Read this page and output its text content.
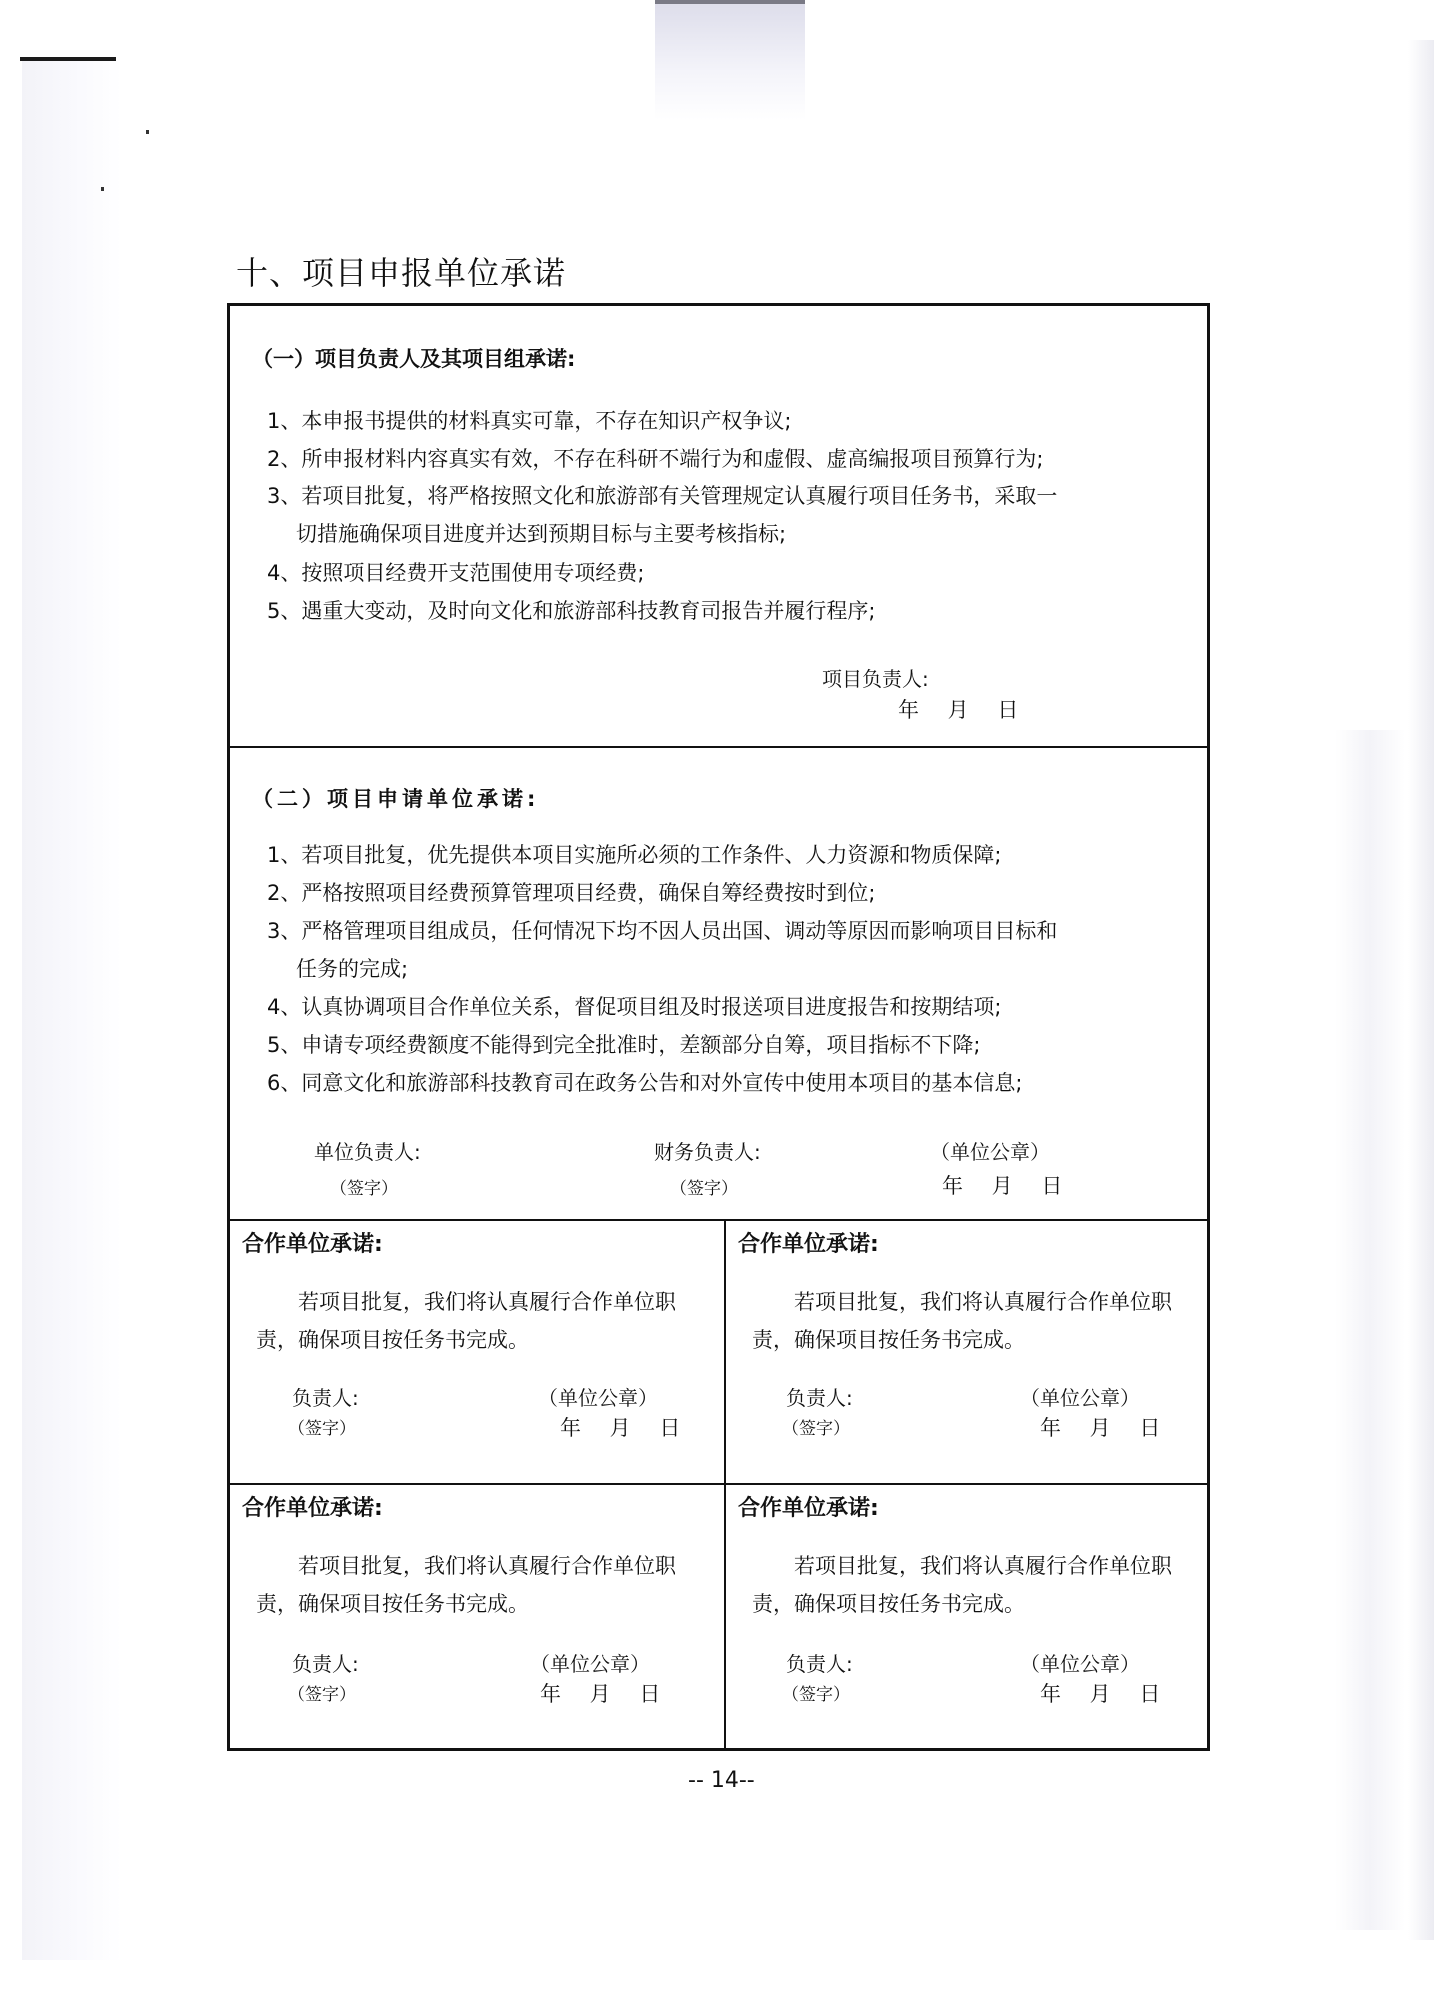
十、项目申报单位承诺
（一）项目负责人及其项目组承诺:
1、本申报书提供的材料真实可靠，不存在知识产权争议;
2、所申报材料内容真实有效，不存在科研不端行为和虚假、虚高编报项目预算行为;
3、若项目批复，将严格按照文化和旅游部有关管理规定认真履行项目任务书，采取一
切措施确保项目进度并达到预期目标与主要考核指标;
4、按照项目经费开支范围使用专项经费;
5、遇重大变动，及时向文化和旅游部科技教育司报告并履行程序;
项目负责人:
年 月 日
（二）项目申请单位承诺:
1、若项目批复，优先提供本项目实施所必须的工作条件、人力资源和物质保障;
2、严格按照项目经费预算管理项目经费，确保自筹经费按时到位;
3、严格管理项目组成员，任何情况下均不因人员出国、调动等原因而影响项目目标和
任务的完成;
4、认真协调项目合作单位关系，督促项目组及时报送项目进度报告和按期结项;
5、申请专项经费额度不能得到完全批准时，差额部分自筹，项目指标不下降;
6、同意文化和旅游部科技教育司在政务公告和对外宣传中使用本项目的基本信息;
单位负责人:
（签字）
财务负责人:
（签字）
（单位公章）
年 月 日
合作单位承诺:
若项目批复，我们将认真履行合作单位职责，确保项目按任务书完成。
负责人:
（签字）
（单位公章）
年 月 日
合作单位承诺:
若项目批复，我们将认真履行合作单位职责，确保项目按任务书完成。
负责人:
（签字）
（单位公章）
年 月 日
合作单位承诺:
若项目批复，我们将认真履行合作单位职责，确保项目按任务书完成。
负责人:
（签字）
（单位公章）
年 月 日
合作单位承诺:
若项目批复，我们将认真履行合作单位职责，确保项目按任务书完成。
负责人:
（签字）
（单位公章）
年 月 日
-- 14--
